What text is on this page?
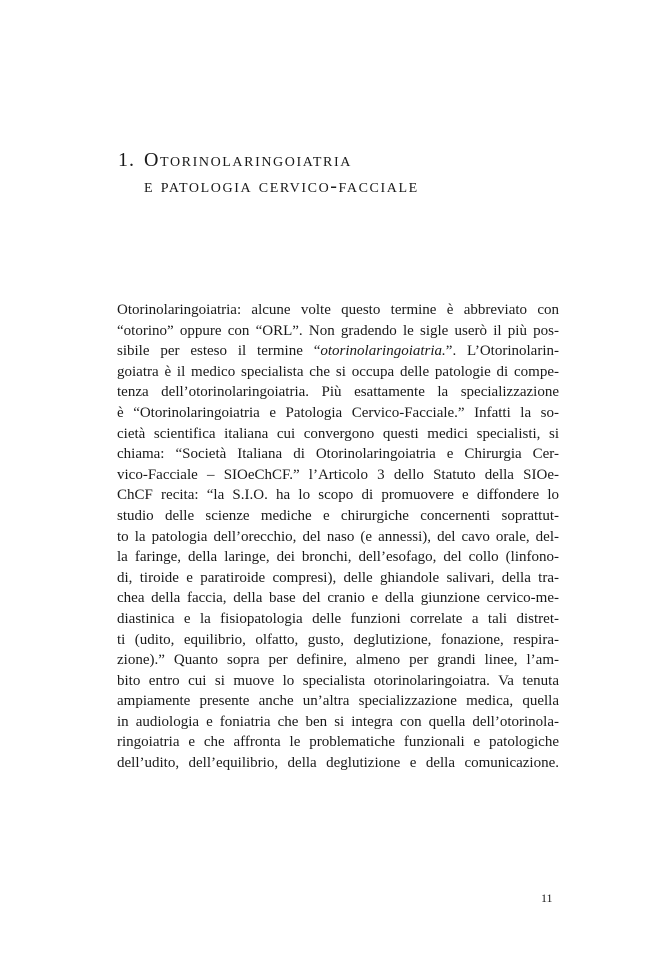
1. Otorinolaringoiatria
e patologia cervico-facciale
Otorinolaringoiatria: alcune volte questo termine è abbreviato con
“otorino” oppure con “ORL”. Non gradendo le sigle userò il più pos-
sibile per esteso il termine “otorinolaringoiatria.”. L’Otorinolarin-
goiatra è il medico specialista che si occupa delle patologie di compe-
tenza dell’otorinolaringoiatria. Più esattamente la specializzazione
è “Otorinolaringoiatria e Patologia Cervico-Facciale.” Infatti la so-
cietà scientifica italiana cui convergono questi medici specialisti, si
chiama: “Società Italiana di Otorinolaringoiatria e Chirurgia Cer-
vico-Facciale – SIOeChCF.” l’Articolo 3 dello Statuto della SIOe-
ChCF recita: “la S.I.O. ha lo scopo di promuovere e diffondere lo
studio delle scienze mediche e chirurgiche concernenti soprattut-
to la patologia dell’orecchio, del naso (e annessi), del cavo orale, del-
la faringe, della laringe, dei bronchi, dell’esofago, del collo (linfono-
di, tiroide e paratiroide compresi), delle ghiandole salivari, della tra-
chea della faccia, della base del cranio e della giunzione cervico-me-
diastinica e la fisiopatologia delle funzioni correlate a tali distret-
ti (udito, equilibrio, olfatto, gusto, deglutizione, fonazione, respira-
zione).” Quanto sopra per definire, almeno per grandi linee, l’am-
bito entro cui si muove lo specialista otorinolaringoiatra. Va tenuta
ampiamente presente anche un’altra specializzazione medica, quella
in audiologia e foniatria che ben si integra con quella dell’otorinola-
ringoiatria e che affronta le problematiche funzionali e patologiche
dell’udito, dell’equilibrio, della deglutizione e della comunicazione.
11
